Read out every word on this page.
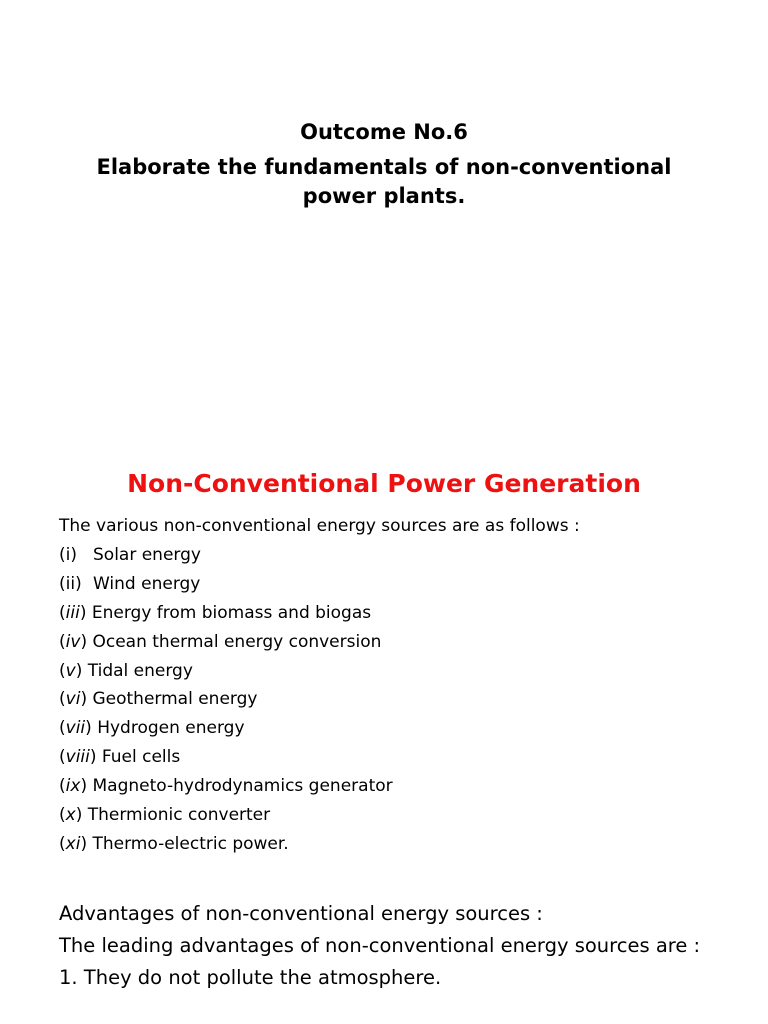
Outcome No.6
Elaborate the fundamentals of non-conventional power plants.
Non-Conventional Power Generation
The various non-conventional energy sources are as follows :
(i) Solar energy
(ii) Wind energy
(iii) Energy from biomass and biogas
(iv) Ocean thermal energy conversion
(v) Tidal energy
(vi) Geothermal energy
(vii) Hydrogen energy
(viii) Fuel cells
(ix) Magneto-hydrodynamics generator
(x) Thermionic converter
(xi) Thermo-electric power.

Advantages of non-conventional energy sources :

The leading advantages of non-conventional energy sources are :

1. They do not pollute the atmosphere.
